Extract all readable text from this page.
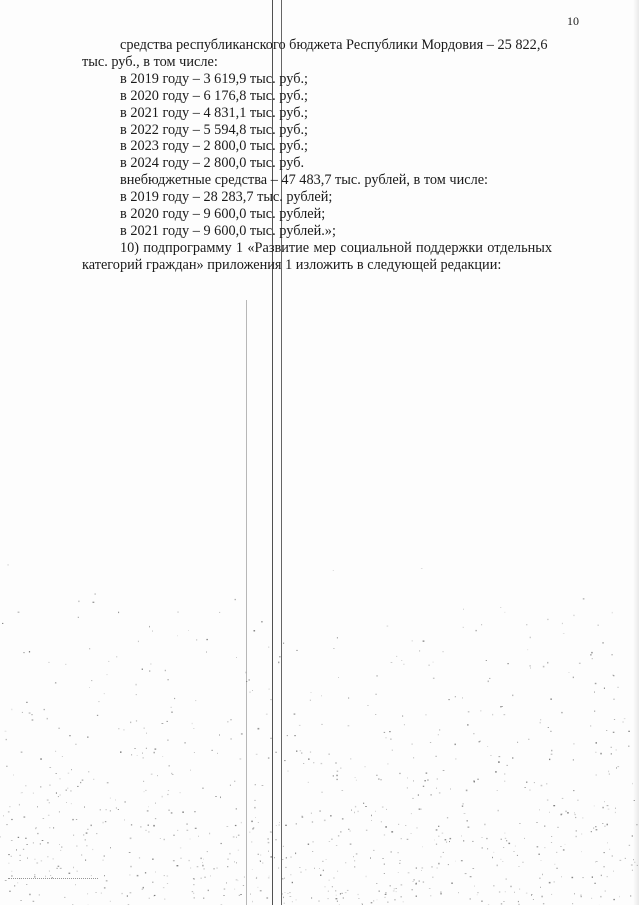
10

средства республиканского бюджета Республики Мордовия – 25 822,6

тыс. руб., в том числе:

в 2019 году – 3 619,9 тыс. руб.;

в 2020 году – 6 176,8 тыс. руб.;

в 2021 году – 4 831,1 тыс. руб.;

в 2022 году – 5 594,8 тыс. руб.;

в 2023 году – 2 800,0 тыс. руб.;

в 2024 году – 2 800,0 тыс. руб.

внебюджетные средства – 47 483,7 тыс. рублей, в том числе:

в 2019 году – 28 283,7 тыс. рублей;

в 2020 году – 9 600,0 тыс. рублей;

в 2021 году – 9 600,0 тыс. рублей.»;

10) подпрограмму 1 «Развитие мер социальной поддержки отдельных

категорий граждан» приложения 1 изложить в следующей редакции:
